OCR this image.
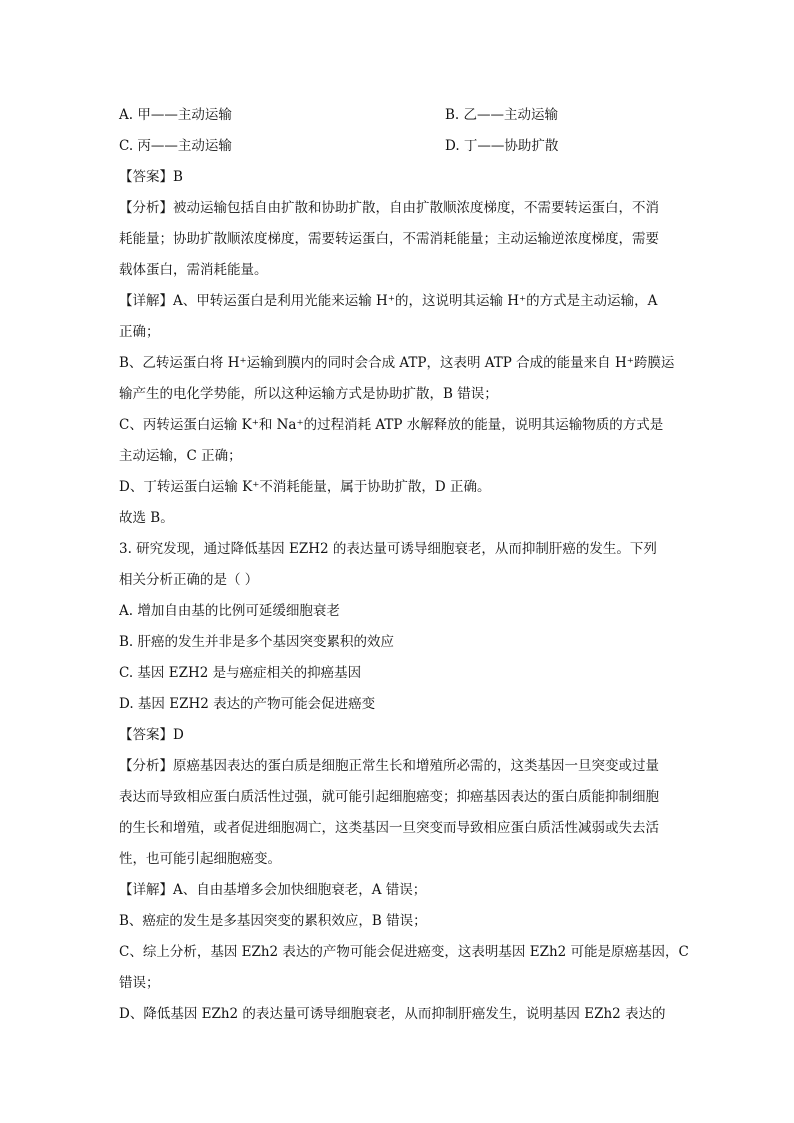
A. 甲——主动运输	B. 乙——主动运输
C. 丙——主动运输	D. 丁——协助扩散
【答案】B
【分析】被动运输包括自由扩散和协助扩散，自由扩散顺浓度梯度，不需要转运蛋白，不消
耗能量；协助扩散顺浓度梯度，需要转运蛋白，不需消耗能量；主动运输逆浓度梯度，需要
载体蛋白，需消耗能量。
【详解】A、甲转运蛋白是利用光能来运输 H⁺的，这说明其运输 H⁺的方式是主动运输，A
正确；
B、乙转运蛋白将 H⁺运输到膜内的同时会合成 ATP，这表明 ATP 合成的能量来自 H⁺跨膜运
输产生的电化学势能，所以这种运输方式是协助扩散，B 错误；
C、丙转运蛋白运输 K⁺和 Na⁺的过程消耗 ATP 水解释放的能量，说明其运输物质的方式是
主动运输，C 正确；
D、丁转运蛋白运输 K⁺不消耗能量，属于协助扩散，D 正确。
故选 B。
3. 研究发现，通过降低基因 EZH2 的表达量可诱导细胞衰老，从而抑制肝癌的发生。下列
相关分析正确的是（ ）
A. 增加自由基的比例可延缓细胞衰老
B. 肝癌的发生并非是多个基因突变累积的效应
C. 基因 EZH2 是与癌症相关的抑癌基因
D. 基因 EZH2 表达的产物可能会促进癌变
【答案】D
【分析】原癌基因表达的蛋白质是细胞正常生长和增殖所必需的，这类基因一旦突变或过量
表达而导致相应蛋白质活性过强，就可能引起细胞癌变；抑癌基因表达的蛋白质能抑制细胞
的生长和增殖，或者促进细胞凋亡，这类基因一旦突变而导致相应蛋白质活性减弱或失去活
性，也可能引起细胞癌变。
【详解】A、自由基增多会加快细胞衰老，A 错误；
B、癌症的发生是多基因突变的累积效应，B 错误；
C、综上分析，基因 EZh2 表达的产物可能会促进癌变，这表明基因 EZh2 可能是原癌基因，C
错误；
D、降低基因 EZh2 的表达量可诱导细胞衰老，从而抑制肝癌发生，说明基因 EZh2 表达的
